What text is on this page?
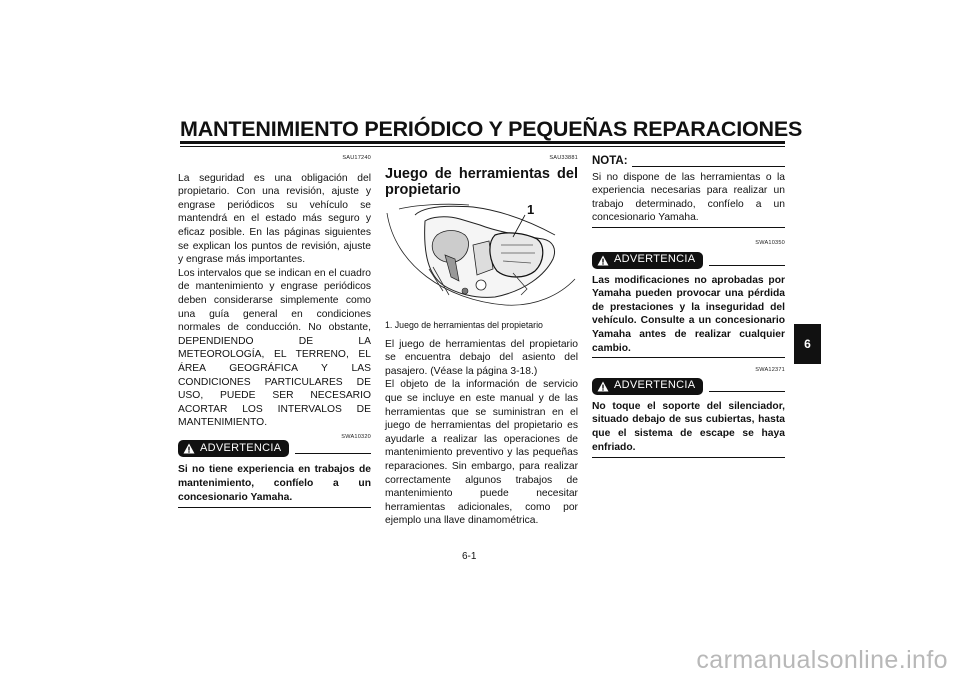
MANTENIMIENTO PERIÓDICO Y PEQUEÑAS REPARACIONES
SAU17240

La seguridad es una obligación del propietario. Con una revisión, ajuste y engrase periódicos su vehículo se mantendrá en el estado más seguro y eficaz posible. En las páginas siguientes se explican los puntos de revisión, ajuste y engrase más importantes.

Los intervalos que se indican en el cuadro de mantenimiento y engrase periódicos deben considerarse simplemente como una guía general en condiciones normales de conducción. No obstante, DEPENDIENDO DE LA METEOROLOGÍA, EL TERRENO, EL ÁREA GEOGRÁFICA Y LAS CONDICIONES PARTICULARES DE USO, PUEDE SER NECESARIO ACORTAR LOS INTERVALOS DE MANTENIMIENTO.

SWA10320
ADVERTENCIA
Si no tiene experiencia en trabajos de mantenimiento, confíelo a un concesionario Yamaha.
SAU33881
Juego de herramientas del propietario
1
1. Juego de herramientas del propietario

El juego de herramientas del propietario se encuentra debajo del asiento del pasajero. (Véase la página 3-18.)

El objeto de la información de servicio que se incluye en este manual y de las herramientas que se suministran en el juego de herramientas del propietario es ayudarle a realizar las operaciones de mantenimiento preventivo y las pequeñas reparaciones. Sin embargo, para realizar correctamente algunos trabajos de mantenimiento puede necesitar herramientas adicionales, como por ejemplo una llave dinamométrica.

NOTA:

Si no dispone de las herramientas o la experiencia necesarias para realizar un trabajo determinado, confíelo a un concesionario Yamaha.

SWA10350
ADVERTENCIA
Las modificaciones no aprobadas por Yamaha pueden provocar una pérdida de prestaciones y la inseguridad del vehículo. Consulte a un concesionario Yamaha antes de realizar cualquier cambio.
SWA12371
ADVERTENCIA
No toque el soporte del silenciador, situado debajo de sus cubiertas, hasta que el sistema de escape se haya enfriado.
6
6-1
carmanualsonline.info
